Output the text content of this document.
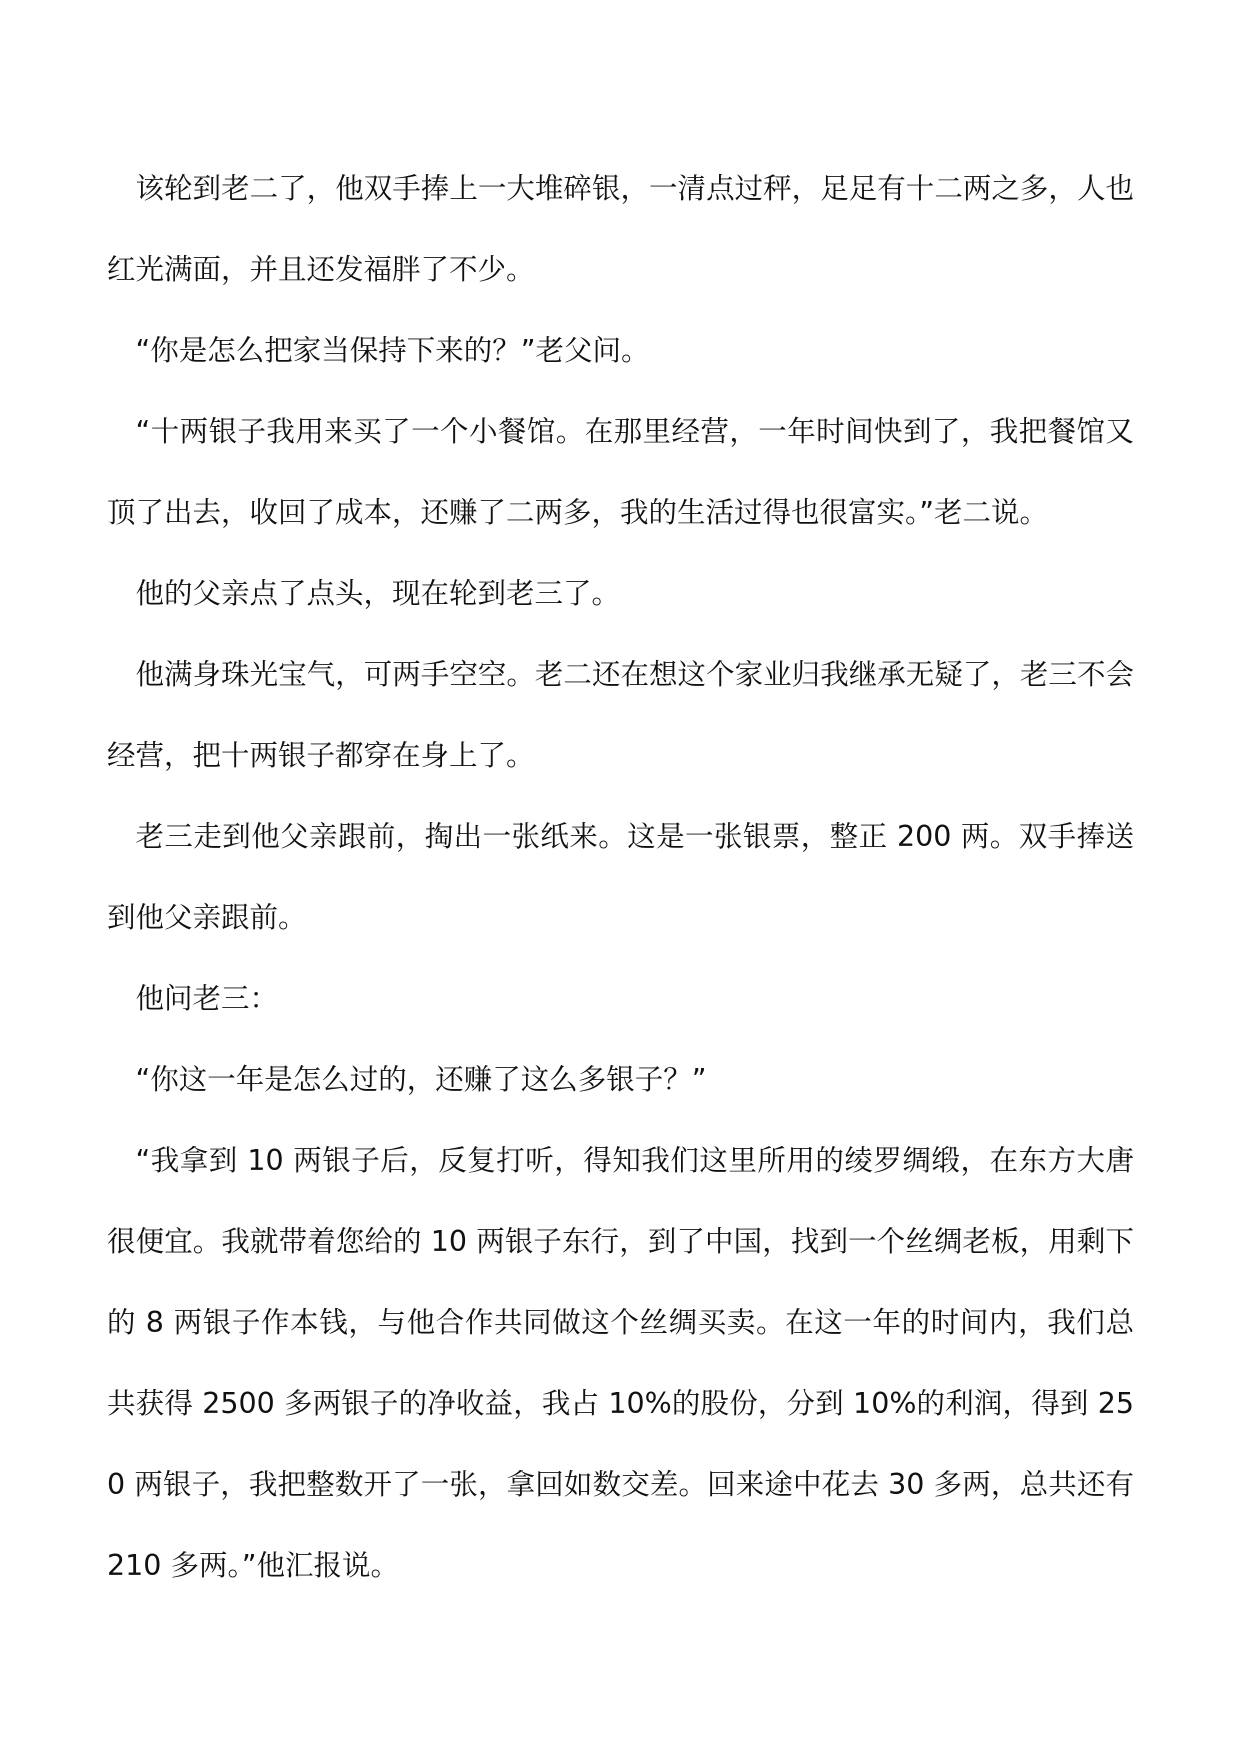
该轮到老二了，他双手捧上一大堆碎银，一清点过秤，足足有十二两之多，人也红光满面，并且还发福胖了不少。

“你是怎么把家当保持下来的？”老父问。

“十两银子我用来买了一个小餐馆。在那里经营，一年时间快到了，我把餐馆又顶了出去，收回了成本，还赚了二两多，我的生活过得也很富实。”老二说。

他的父亲点了点头，现在轮到老三了。

他满身珠光宝气，可两手空空。老二还在想这个家业归我继承无疑了，老三不会经营，把十两银子都穿在身上了。

老三走到他父亲跟前，掏出一张纸来。这是一张银票，整正 200 两。双手捧送到他父亲跟前。

他问老三：

“你这一年是怎么过的，还赚了这么多银子？”

“我拿到 10 两银子后，反复打听，得知我们这里所用的绫罗绸缎，在东方大唐很便宜。我就带着您给的 10 两银子东行，到了中国，找到一个丝绸老板，用剩下的 8 两银子作本钱，与他合作共同做这个丝绸买卖。在这一年的时间内，我们总共获得 2500 多两银子的净收益，我占 10%的股份，分到 10%的利润，得到 250 两银子，我把整数开了一张，拿回如数交差。回来途中花去 30 多两，总共还有 210 多两。”他汇报说。
